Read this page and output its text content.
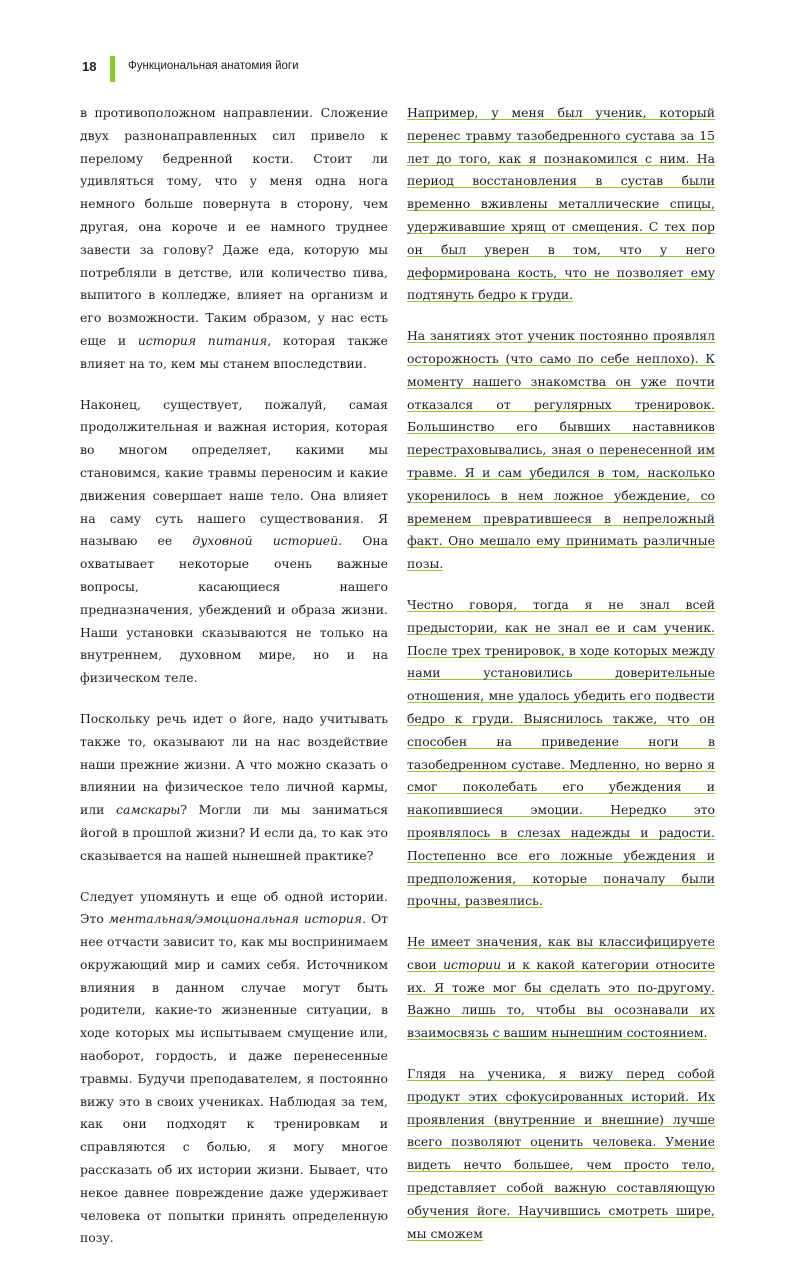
18	Функциональная анатомия йоги

в противоположном направлении. Сложение двух разнонаправленных сил привело к перелому бедренной кости. Стоит ли удивляться тому, что у меня одна нога немного больше повернута в сторону, чем другая, она короче и ее намного труднее завести за голову? Даже еда, которую мы потребляли в детстве, или количество пива, выпитого в колледже, влияет на организм и его возможности. Таким образом, у нас есть еще и история питания, которая также влияет на то, кем мы станем впоследствии.

Наконец, существует, пожалуй, самая продолжительная и важная история, которая во многом определяет, какими мы становимся, какие травмы переносим и какие движения совершает наше тело. Она влияет на саму суть нашего существования. Я называю ее духовной историей. Она охватывает некоторые очень важные вопросы, касающиеся нашего предназначения, убеждений и образа жизни. Наши установки сказываются не только на внутреннем, духовном мире, но и на физическом теле.

Поскольку речь идет о йоге, надо учитывать также то, оказывают ли на нас воздействие наши прежние жизни. А что можно сказать о влиянии на физическое тело личной кармы, или самскары? Могли ли мы заниматься йогой в прошлой жизни? И если да, то как это сказывается на нашей нынешней практике?

Следует упомянуть и еще об одной истории. Это ментальная/эмоциональная история. От нее отчасти зависит то, как мы воспринимаем окружающий мир и самих себя. Источником влияния в данном случае могут быть родители, какие-то жизненные ситуации, в ходе которых мы испытываем смущение или, наоборот, гордость, и даже перенесенные травмы. Будучи преподавателем, я постоянно вижу это в своих учениках. Наблюдая за тем, как они подходят к тренировкам и справляются с болью, я могу многое рассказать об их истории жизни. Бывает, что некое давнее повреждение даже удерживает человека от попытки принять определенную позу.

Например, у меня был ученик, который перенес травму тазобедренного сустава за 15 лет до того, как я познакомился с ним. На период восстановления в сустав были временно вживлены металлические спицы, удерживавшие хрящ от смещения. С тех пор он был уверен в том, что у него деформирована кость, что не позволяет ему подтянуть бедро к груди.

На занятиях этот ученик постоянно проявлял осторожность (что само по себе неплохо). К моменту нашего знакомства он уже почти отказался от регулярных тренировок. Большинство его бывших наставников перестраховывались, зная о перенесенной им травме. Я и сам убедился в том, насколько укоренилось в нем ложное убеждение, со временем превратившееся в непреложный факт. Оно мешало ему принимать различные позы.

Честно говоря, тогда я не знал всей предыстории, как не знал ее и сам ученик. После трех тренировок, в ходе которых между нами установились доверительные отношения, мне удалось убедить его подвести бедро к груди. Выяснилось также, что он способен на приведение ноги в тазобедренном суставе. Медленно, но верно я смог поколебать его убеждения и накопившиеся эмоции. Нередко это проявлялось в слезах надежды и радости. Постепенно все его ложные убеждения и предположения, которые поначалу были прочны, развеялись.

Не имеет значения, как вы классифицируете свои истории и к какой категории относите их. Я тоже мог бы сделать это по-другому. Важно лишь то, чтобы вы осознавали их взаимосвязь с вашим нынешним состоянием.

Глядя на ученика, я вижу перед собой продукт этих сфокусированных историй. Их проявления (внутренние и внешние) лучше всего позволяют оценить человека. Умение видеть нечто большее, чем просто тело, представляет собой важную составляющую обучения йоге. Научившись смотреть шире, мы сможем
